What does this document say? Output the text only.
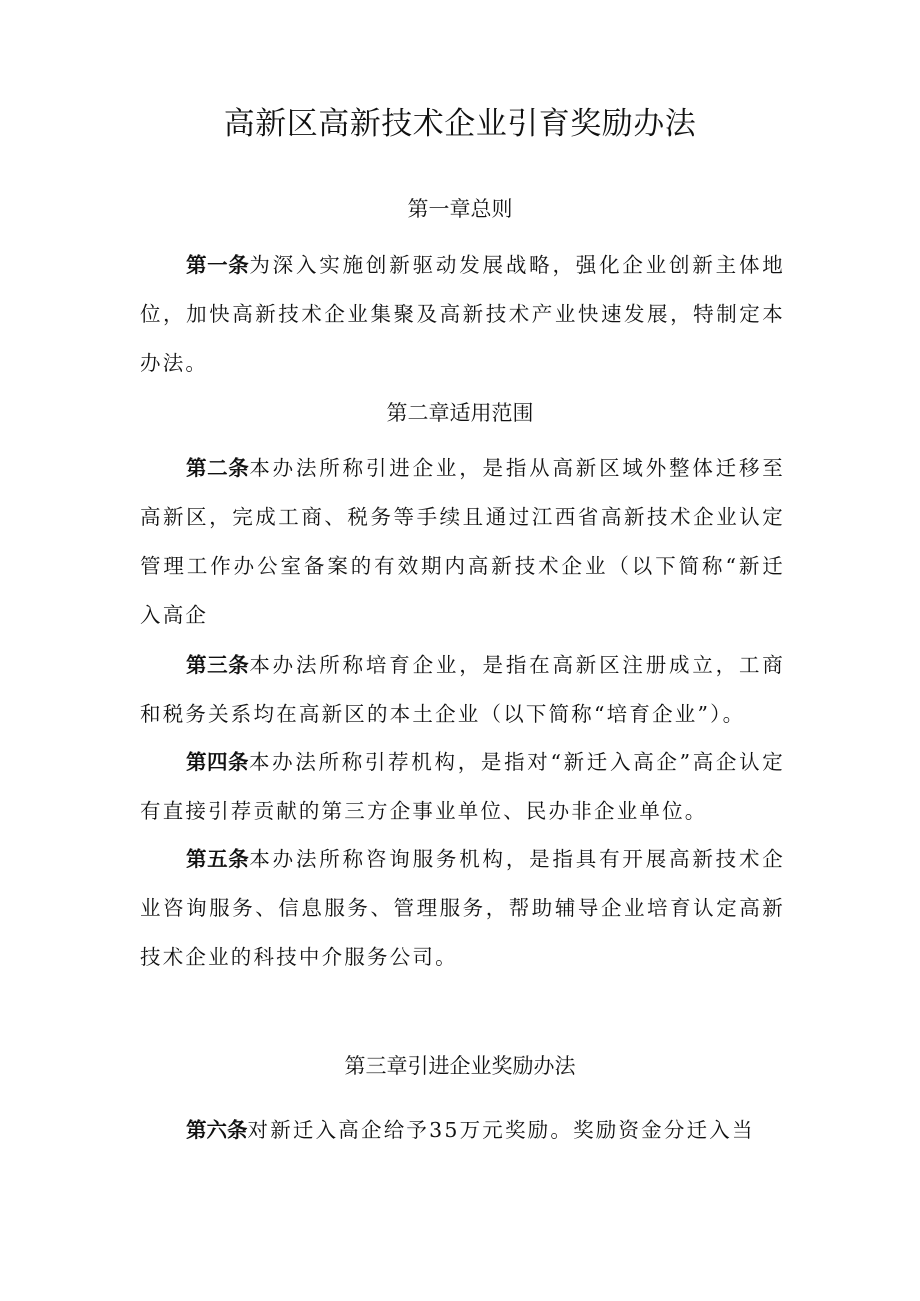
高新区高新技术企业引育奖励办法
第一章总则

第一条为深入实施创新驱动发展战略，强化企业创新主体地位，加快高新技术企业集聚及高新技术产业快速发展，特制定本办法。

第二章适用范围

第二条本办法所称引进企业，是指从高新区域外整体迁移至高新区，完成工商、税务等手续且通过江西省高新技术企业认定管理工作办公室备案的有效期内高新技术企业（以下简称“新迁入高企

第三条本办法所称培育企业，是指在高新区注册成立，工商和税务关系均在高新区的本土企业（以下简称“培育企业”）。

第四条本办法所称引荐机构，是指对“新迁入高企”高企认定有直接引荐贡献的第三方企事业单位、民办非企业单位。

第五条本办法所称咨询服务机构，是指具有开展高新技术企业咨询服务、信息服务、管理服务，帮助辅导企业培育认定高新技术企业的科技中介服务公司。

第三章引进企业奖励办法

第六条对新迁入高企给予35万元奖励。奖励资金分迁入当
